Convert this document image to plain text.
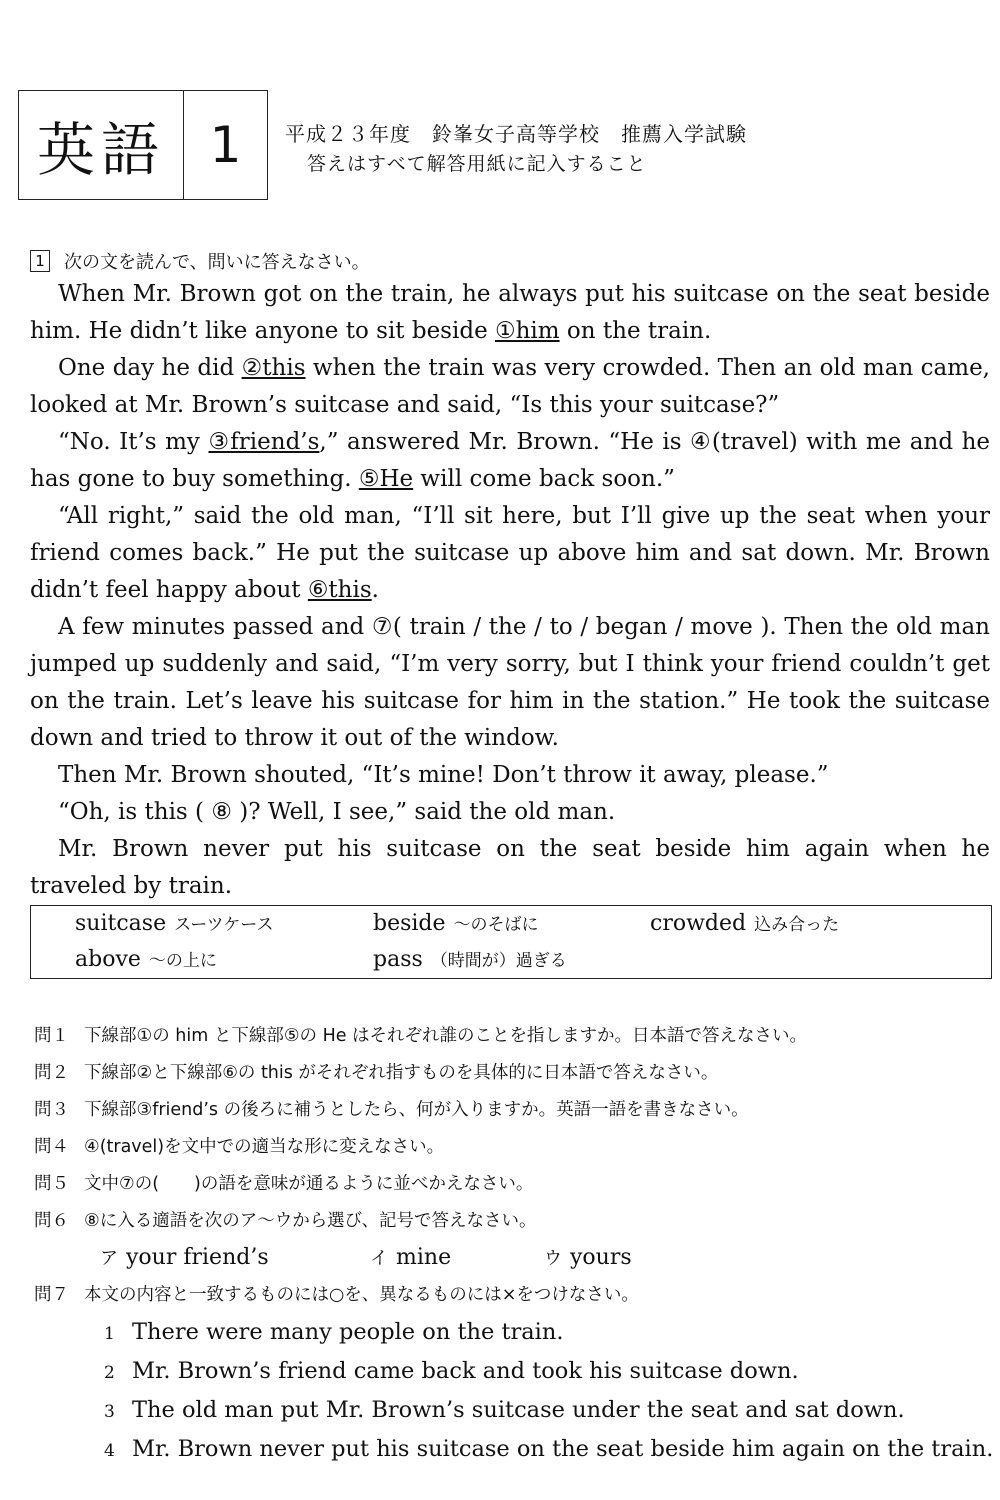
英語 1	平成２３年度　鈴峯女子高等学校　推薦入学試験
答えはすべて解答用紙に記入すること
1 次の文を読んで、問いに答えなさい。

When Mr. Brown got on the train, he always put his suitcase on the seat beside him. He didn’t like anyone to sit beside ①him on the train.

One day he did ②this when the train was very crowded. Then an old man came, looked at Mr. Brown’s suitcase and said, “Is this your suitcase?”

“No. It’s my ③friend’s,” answered Mr. Brown. “He is ④(travel) with me and he has gone to buy something. ⑤He will come back soon.”

“All right,” said the old man, “I’ll sit here, but I’ll give up the seat when your friend comes back.” He put the suitcase up above him and sat down. Mr. Brown didn’t feel happy about ⑥this.

A few minutes passed and ⑦( train / the / to / began / move ). Then the old man jumped up suddenly and said, “I’m very sorry, but I think your friend couldn’t get on the train. Let’s leave his suitcase for him in the station.” He took the suitcase down and tried to throw it out of the window.

Then Mr. Brown shouted, “It’s mine! Don’t throw it away, please.”

“Oh, is this ( ⑧ )? Well, I see,” said the old man.

Mr. Brown never put his suitcase on the seat beside him again when he traveled by train.

suitcase スーツケース	beside ～のそばに	crowded 込み合った
above ～の上に	pass （時間が）過ぎる
問１ 下線部①の him と下線部⑤の He はそれぞれ誰のことを指しますか。日本語で答えなさい。
問２ 下線部②と下線部⑥の this がそれぞれ指すものを具体的に日本語で答えなさい。
問３ 下線部③friend’s の後ろに補うとしたら、何が入りますか。英語一語を書きなさい。
問４ ④(travel)を文中での適当な形に変えなさい。
問５ 文中⑦の(　　)の語を意味が通るように並べかえなさい。
問６ ⑧に入る適語を次のア～ウから選び、記号で答えなさい。
ア your friend’s	イ mine	ウ yours
問７ 本文の内容と一致するものには○を、異なるものには×をつけなさい。
1 There were many people on the train.
2 Mr. Brown’s friend came back and took his suitcase down.
3 The old man put Mr. Brown’s suitcase under the seat and sat down.
4 Mr. Brown never put his suitcase on the seat beside him again on the train.
